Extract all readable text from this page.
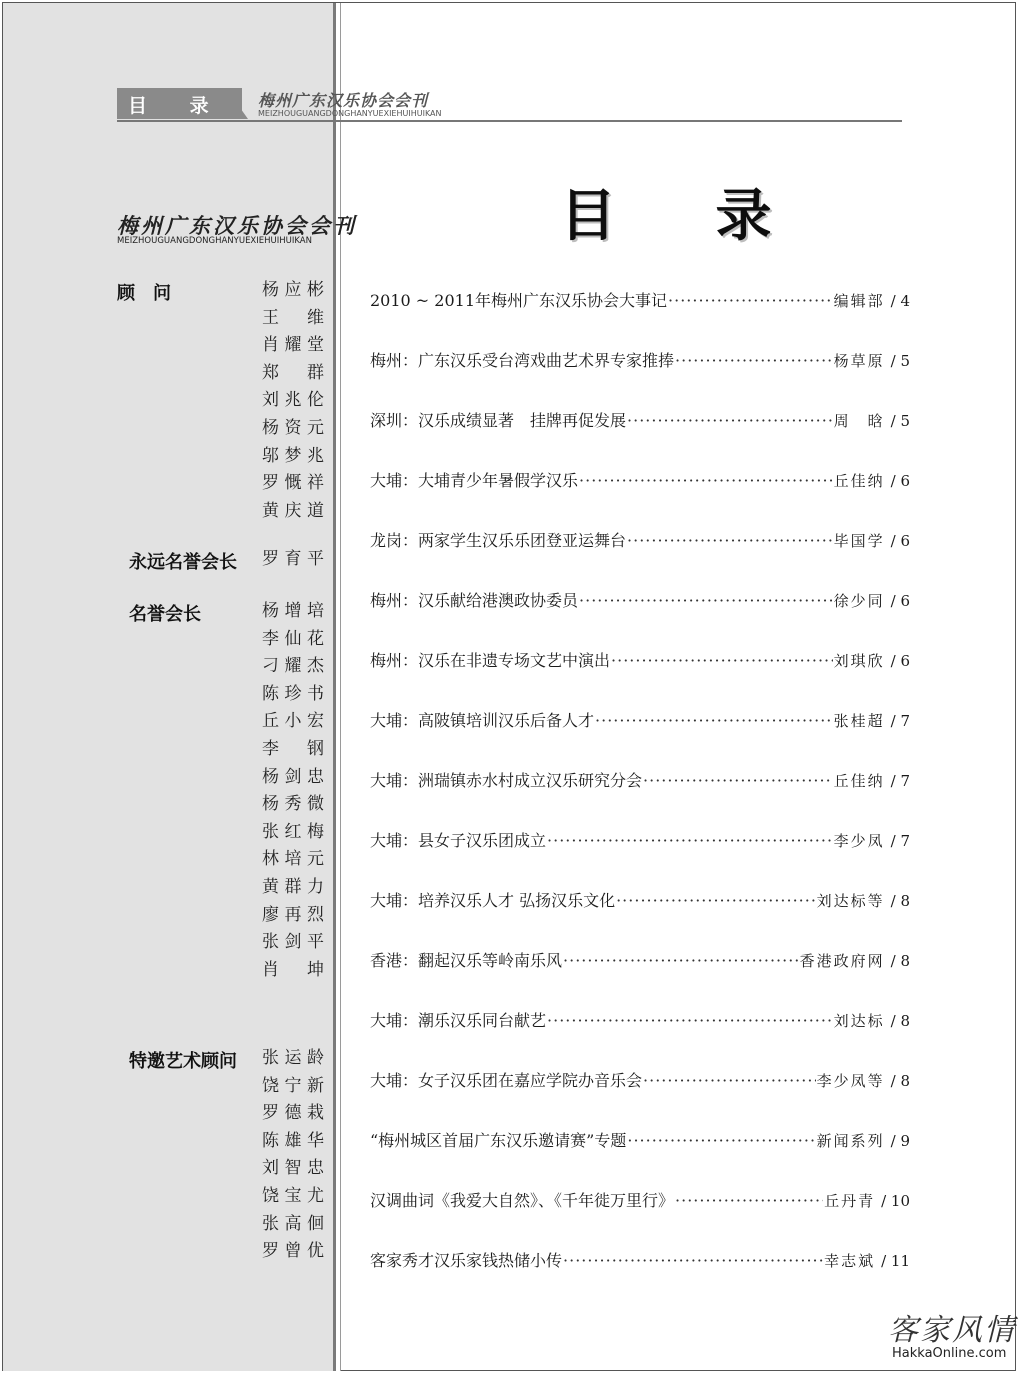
目 录 梅州广东汉乐协会会刊
MEIZHOUGUANGDONGHANYUEXIEHUIHUIKAN
梅州广东汉乐协会会刊
MEIZHOUGUANGDONGHANYUEXIEHUIHUIKAN
顾　问	杨应彬
王　维
肖耀堂
郑　群
刘兆伦
杨资元
邬梦兆
罗慨祥
黄庆道
永远名誉会长 罗育平
名誉会长	杨增培
李仙花
刁耀杰
陈珍书
丘小宏
李　钢
杨剑忠
杨秀微
张红梅
林培元
黄群力
廖再烈
张剑平
肖　坤
特邀艺术顾问 张运龄
饶宁新
罗德栽
陈雄华
刘智忠
饶宝尤
张高佪
罗曾优
目 录
2010 ~ 2011年梅州广东汉乐协会大事记 ·····	编辑部 / 4
梅州：广东汉乐受台湾戏曲艺术界专家推捧 ·····	杨草原 / 5
深圳：汉乐成绩显著　挂牌再促发展 ·····	周　晗 / 5
大埔：大埔青少年暑假学汉乐 ·····	丘佳纳 / 6
龙岗：两家学生汉乐乐团登亚运舞台 ·····	毕国学 / 6
梅州：汉乐献给港澳政协委员 ·····	徐少同 / 6
梅州：汉乐在非遗专场文艺中演出 ·····	刘琪欣 / 6
大埔：高陂镇培训汉乐后备人才 ·····	张桂超 / 7
大埔：洲瑞镇赤水村成立汉乐研究分会 ·····	丘佳纳 / 7
大埔：县女子汉乐团成立 ·····	李少凤 / 7
大埔：培养汉乐人才 弘扬汉乐文化 ·····	刘达标等 / 8
香港：翻起汉乐等岭南乐风 ·····	香港政府网 / 8
大埔：潮乐汉乐同台献艺 ·····	刘达标 / 8
大埔：女子汉乐团在嘉应学院办音乐会 ·····	李少凤等 / 8
“梅州城区首届广东汉乐邀请赛”专题 ·····	新闻系列 / 9
汉调曲词《我爱大自然》、《千年徙万里行》 ·····	丘丹青 / 10
客家秀才汉乐家钱热储小传 ·····	幸志斌 / 11
客家风情
HakkaOnline.com
